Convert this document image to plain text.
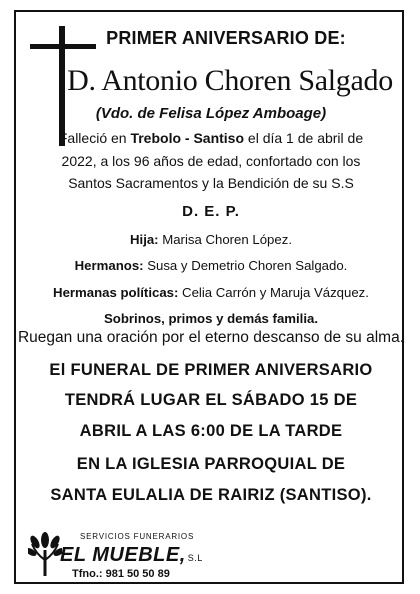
PRIMER ANIVERSARIO DE:
D. Antonio Choren Salgado
(Vdo. de Felisa López Amboage)
Falleció en Trebolo - Santiso el día 1 de abril de
2022, a los 96 años de edad, confortado con los
Santos Sacramentos y la Bendición de su S.S
D. E. P.
Hija: Marisa Choren López.
Hermanos: Susa y Demetrio Choren Salgado.
Hermanas políticas: Celia Carrón y Maruja Vázquez.
Sobrinos, primos y demás familia.
Ruegan una oración por el eterno descanso de su alma.
El FUNERAL DE PRIMER ANIVERSARIO
TENDRÁ LUGAR EL SÁBADO 15 DE
ABRIL A LAS 6:00 DE LA TARDE
EN LA IGLESIA PARROQUIAL DE
SANTA EULALIA DE RAIRIZ (SANTISO).
SERVICIOS FUNERARIOS
EL MUEBLE, S.L
Tfno.: 981 50 50 89
